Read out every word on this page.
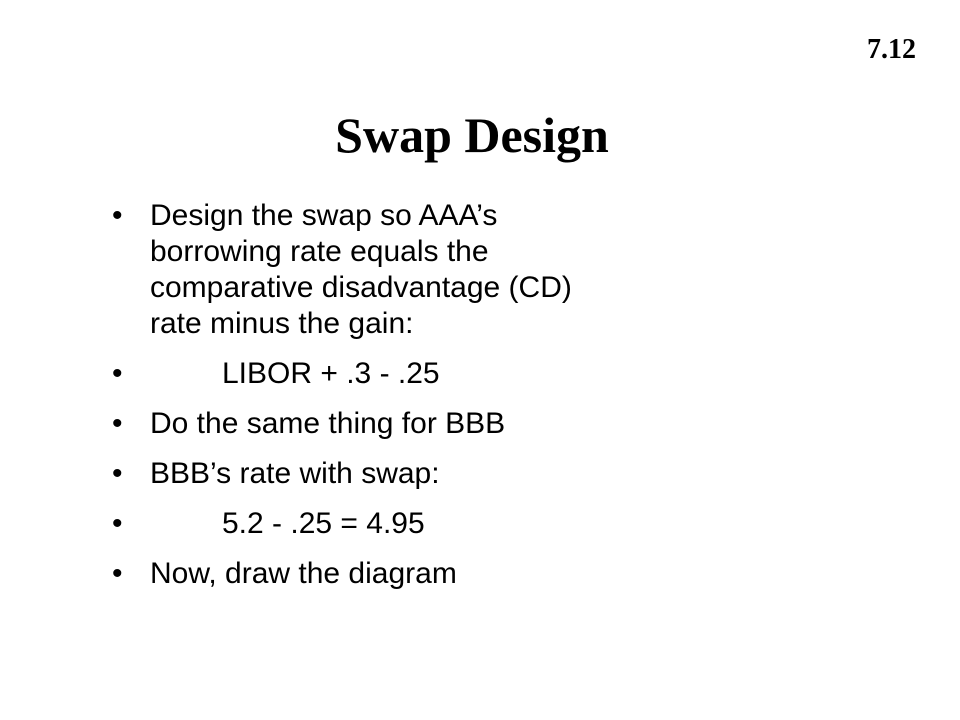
7.12
Swap Design
• Design the swap so AAA’s
borrowing rate equals the
comparative disadvantage (CD)
rate minus the gain:
•	LIBOR + .3 - .25
• Do the same thing for BBB
• BBB’s rate with swap:
•	5.2 - .25 = 4.95
• Now, draw the diagram
